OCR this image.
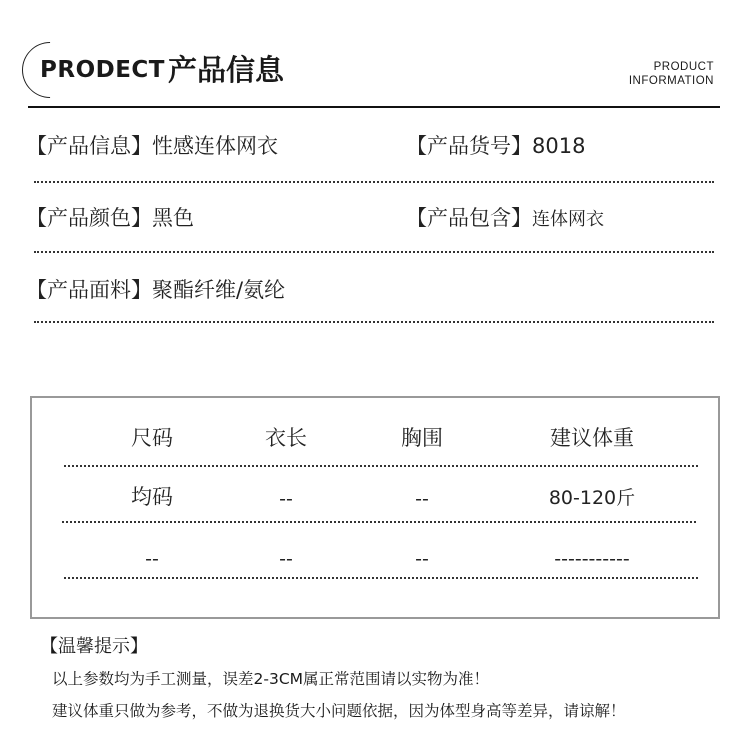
PRODECT 产品信息	PRODUCT
INFORMATION
【产品信息】性感连体网衣	【产品货号】8018
【产品颜色】黑色	【产品包含】连体网衣
【产品面料】聚酯纤维/氨纶
尺码	衣长	胸围	建议体重
均码	--	--	80-120斤
--	--	--	-----------
【温馨提示】
以上参数均为手工测量，误差2-3CM属正常范围请以实物为准！
建议体重只做为参考，不做为退换货大小问题依据，因为体型身高等差异，请谅解！
